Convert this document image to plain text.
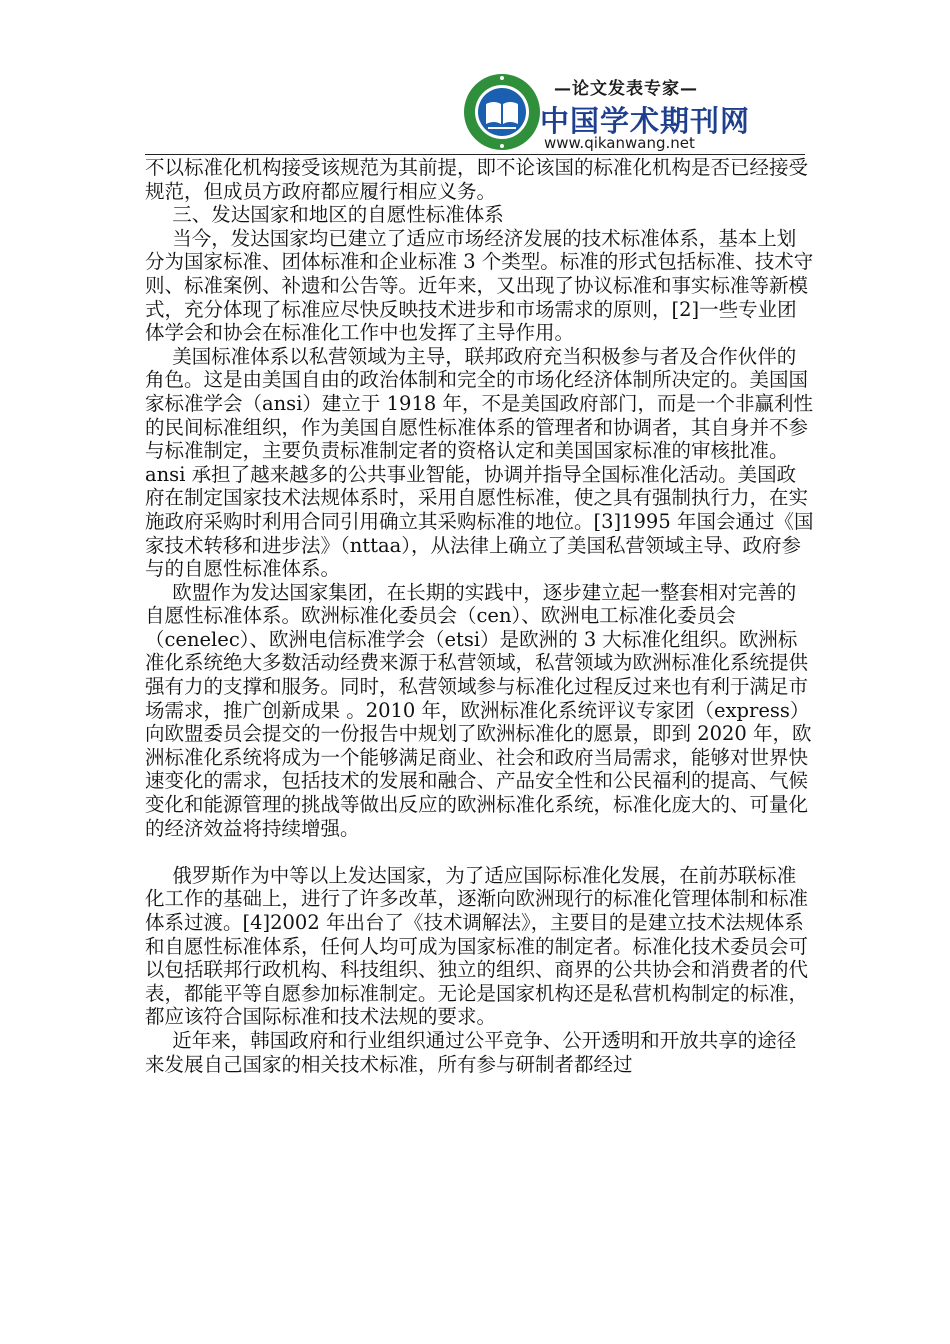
—论文发表专家—
中国学术期刊网
www.qikanwang.net

不以标准化机构接受该规范为其前提，即不论该国的标准化机构是否已经接受规范，但成员方政府都应履行相应义务。

三、发达国家和地区的自愿性标准体系

当今，发达国家均已建立了适应市场经济发展的技术标准体系，基本上划分为国家标准、团体标准和企业标准 3 个类型。标准的形式包括标准、技术守则、标准案例、补遗和公告等。近年来，又出现了协议标准和事实标准等新模式，充分体现了标准应尽快反映技术进步和市场需求的原则，[2]一些专业团体学会和协会在标准化工作中也发挥了主导作用。

美国标准体系以私营领域为主导，联邦政府充当积极参与者及合作伙伴的角色。这是由美国自由的政治体制和完全的市场化经济体制所决定的。美国国家标准学会（ansi）建立于 1918 年，不是美国政府部门，而是一个非赢利性的民间标准组织，作为美国自愿性标准体系的管理者和协调者，其自身并不参与标准制定，主要负责标准制定者的资格认定和美国国家标准的审核批准。ansi 承担了越来越多的公共事业智能，协调并指导全国标准化活动。美国政府在制定国家技术法规体系时，采用自愿性标准，使之具有强制执行力，在实施政府采购时利用合同引用确立其采购标准的地位。[3]1995 年国会通过《国家技术转移和进步法》（nttaa），从法律上确立了美国私营领域主导、政府参与的自愿性标准体系。

欧盟作为发达国家集团，在长期的实践中，逐步建立起一整套相对完善的自愿性标准体系。欧洲标准化委员会（cen）、欧洲电工标准化委员会（cenelec）、欧洲电信标准学会（etsi）是欧洲的 3 大标准化组织。欧洲标准化系统绝大多数活动经费来源于私营领域，私营领域为欧洲标准化系统提供强有力的支撑和服务。同时，私营领域参与标准化过程反过来也有利于满足市场需求，推广创新成果 。2010 年，欧洲标准化系统评议专家团（express）向欧盟委员会提交的一份报告中规划了欧洲标准化的愿景，即到 2020 年，欧洲标准化系统将成为一个能够满足商业、社会和政府当局需求，能够对世界快速变化的需求，包括技术的发展和融合、产品安全性和公民福利的提高、气候变化和能源管理的挑战等做出反应的欧洲标准化系统，标准化庞大的、可量化的经济效益将持续增强。

俄罗斯作为中等以上发达国家，为了适应国际标准化发展，在前苏联标准化工作的基础上，进行了许多改革，逐渐向欧洲现行的标准化管理体制和标准体系过渡。[4]2002 年出台了《技术调解法》，主要目的是建立技术法规体系和自愿性标准体系，任何人均可成为国家标准的制定者。标准化技术委员会可以包括联邦行政机构、科技组织、独立的组织、商界的公共协会和消费者的代表，都能平等自愿参加标准制定。无论是国家机构还是私营机构制定的标准，都应该符合国际标准和技术法规的要求。

近年来，韩国政府和行业组织通过公平竞争、公开透明和开放共享的途径来发展自己国家的相关技术标准，所有参与研制者都经过
